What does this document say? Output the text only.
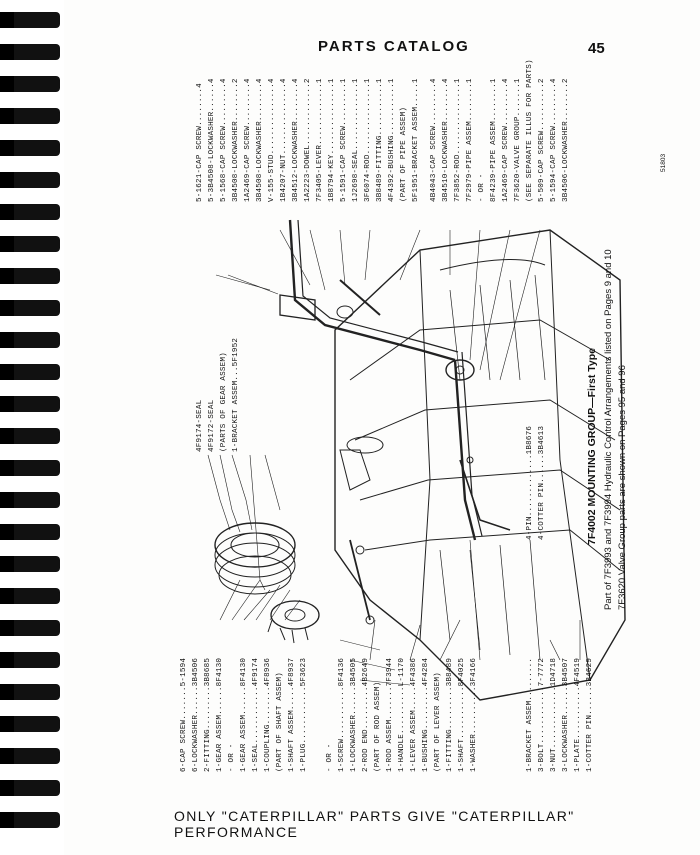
PARTS CATALOG	45
5-1621-CAP SCREW........4 5-3B4508-LOCKWASHER......4 5-1568-CAP SCREW.........4 3B4508-LOCKWASHER........2 1A2469-CAP SCREW.........4 3B4508-LOCKWASHER........4 V-155-STUD...............4 1B4207-NUT...............4 3B4512-LOCKWASHER........4 1A2223-DOWEL.............2 7F3405-LEVER.............1 1B8794-KEY...............1 5-1591-CAP SCREW.........1 1J2698-SEAL..............1 3F6074-ROD...............1 3B8489-FITTING...........1 4F4392-BUSHING...........1 (PART OF PIPE ASSEM) 5F1951-BRACKET ASSEM.....1 4B4043-CAP SCREW.........4 3B4510-LOCKWASHER........4 7F3852-ROD...............1 7F2979-PIPE ASSEM........1 - OR - 8F4239-PIPE ASSEM........1 1A2469-CAP SCREW.........4 7F3620-VALVE GROUP.......1 (SEE SEPARATE ILLUS FOR PARTS) 5-509-CAP SCREW..........2 5-1594-CAP SCREW.........4 3B4506-LOCKWASHER........2
4F9174-SEAL 4F9172-SEAL (PARTS OF GEAR ASSEM) 1-BRACKET ASSEM...5F1952
6-CAP SCREW.......5-1594 6-LOCKWASHER......3B4506 2-FITTING.........3B8685 1-GEAR ASSEM......8F4130 - OR - 1-GEAR ASSEM......8F4130 1-SEAL............4F9174 1-COUPLING........4F8936 (PART OF SHAFT ASSEM) 1-SHAFT ASSEM.....4F8937 1-PLUG............5F3623 - OR - 1-SCREW...........8F4136 1-LOCKWASHER......3B4505 2-ROD END.........4B2649 (PART OF ROD ASSEM) 1-ROD ASSEM.......7F3944 1-HANDLE..........L-1170 1-LEVER ASSEM.....4F4386 1-BUSHING.........4F4284 (PART OF LEVER ASSEM) 1-FITTING.........3B8489 1-SHAFT...........8F4025 1-WASHER..........3F4166	1-BRACKET ASSEM......... 3-BOLT............7-7772 3-NUT.............1D4718 3-LOCKWASHER......3B4507 1-PLATE...........4F4519 1-COTTER PIN......3B4629
4-PIN.............1B8676 4-COTTER PIN......3B4613	7F4002 MOUNTING GROUP—First Type Part of 7F3993 and 7F3994 Hydraulic Control Arrangements listed on Pages 9 and 10 7F3620 Valve Group parts are shown on Pages 95 and 96
51803
ONLY "CATERPILLAR" PARTS GIVE "CATERPILLAR" PERFORMANCE
